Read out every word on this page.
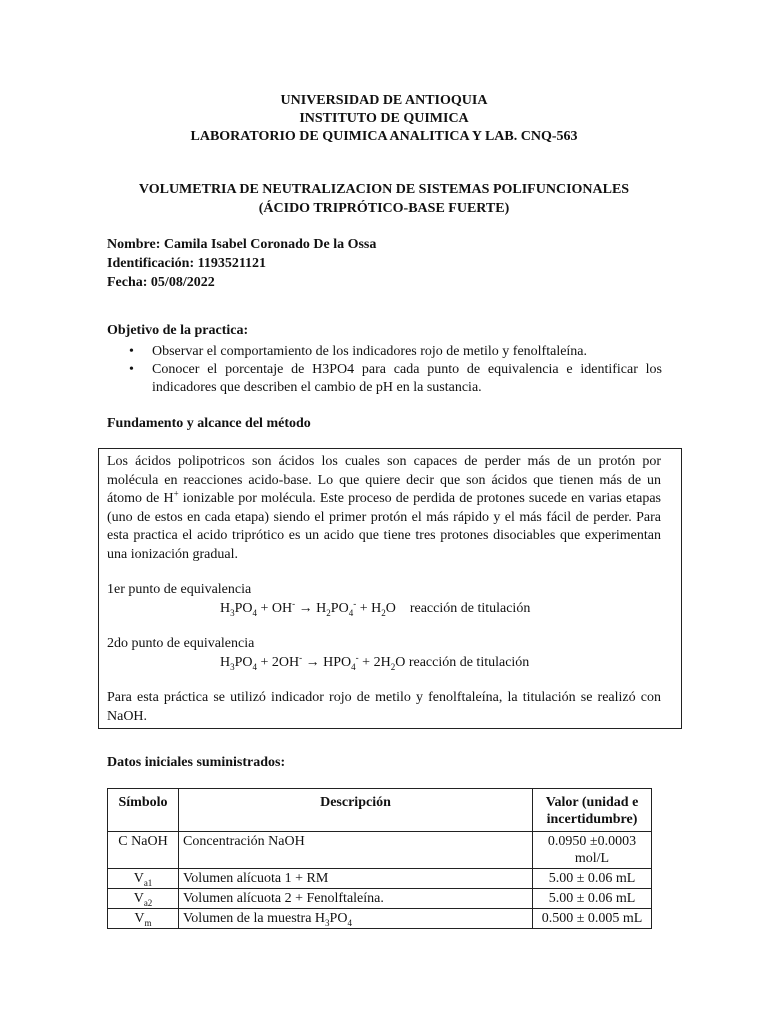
UNIVERSIDAD DE ANTIOQUIA
INSTITUTO DE QUIMICA
LABORATORIO DE QUIMICA ANALITICA Y LAB. CNQ-563
VOLUMETRIA DE NEUTRALIZACION DE SISTEMAS POLIFUNCIONALES
(ÁCIDO TRIPRÓTICO-BASE FUERTE)
Nombre: Camila Isabel Coronado De la Ossa
Identificación: 1193521121
Fecha: 05/08/2022
Objetivo de la practica:
• Observar el comportamiento de los indicadores rojo de metilo y fenolftaleína.
• Conocer el porcentaje de H3PO4 para cada punto de equivalencia e identificar los indicadores que describen el cambio de pH en la sustancia.
Fundamento y alcance del método

Los ácidos polipotricos son ácidos los cuales son capaces de perder más de un protón por molécula en reacciones acido-base. Lo que quiere decir que son ácidos que tienen más de un átomo de H+ ionizable por molécula. Este proceso de perdida de protones sucede en varias etapas (uno de estos en cada etapa) siendo el primer protón el más rápido y el más fácil de perder. Para esta practica el acido triprótico es un acido que tiene tres protones disociables que experimentan una ionización gradual.

1er punto de equivalencia

$H_3PO_4 + OH^- \to H_2PO_4^- + H_2O$ reacción de titulación

2do punto de equivalencia

$H_3PO_4 + 2OH^- \to HPO_4^- + 2H_2O$ reacción de titulación

Para esta práctica se utilizó indicador rojo de metilo y fenolftaleína, la titulación se realizó con NaOH.

Datos iniciales suministrados:
Símbolo	Descripción	Valor (unidad e incertidumbre)
C NaOH	Concentración NaOH	0.0950 ±0.0003 mol/L
$V_{a1}$	Volumen alícuota 1 + RM	5.00 ± 0.06 mL
$V_{a2}$	Volumen alícuota 2 + Fenolftaleína.	5.00 ± 0.06 mL
$V_m$	Volumen de la muestra $H_3PO_4$	0.500 ± 0.005 mL
